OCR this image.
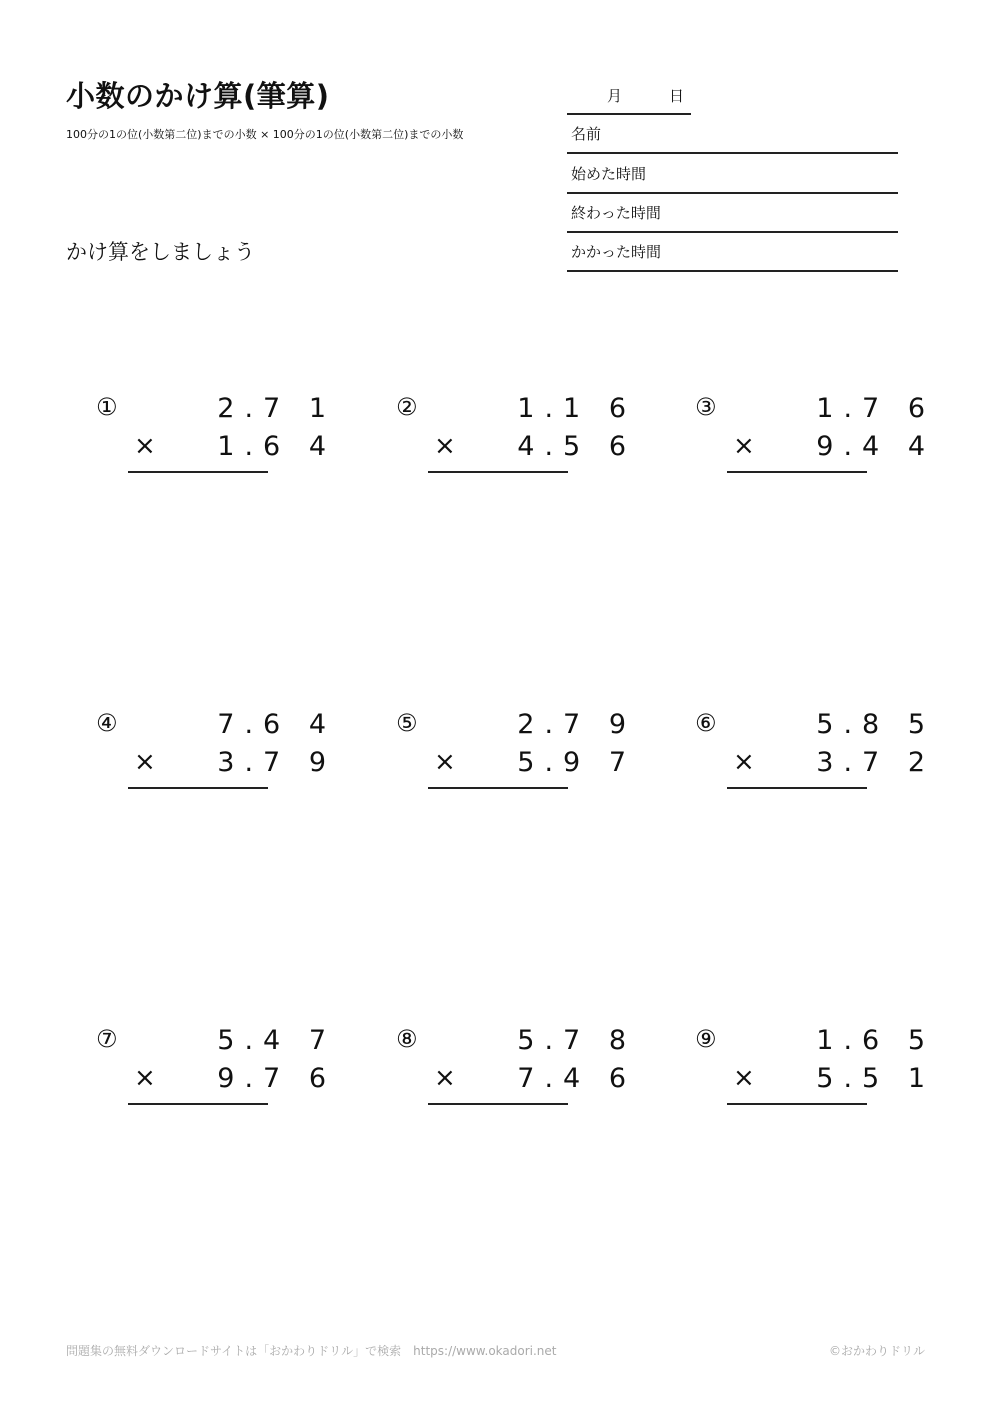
小数のかけ算(筆算)
100分の1の位(小数第二位)までの小数 × 100分の1の位(小数第二位)までの小数
かけ算をしましょう
月	日
名前
始めた時間
終わった時間
かかった時間
①	2.7 1
× 1.6 4
②	1.1 6
× 4.5 6
③	1.7 6
× 9.4 4
④	7.6 4
× 3.7 9
⑤	2.7 9
× 5.9 7
⑥	5.8 5
× 3.7 2
⑦	5.4 7
× 9.7 6
⑧	5.7 8
× 7.4 6
⑨	1.6 5
× 5.5 1
問題集の無料ダウンロードサイトは「おかわりドリル」で検索　https://www.okadori.net	©おかわりドリル
